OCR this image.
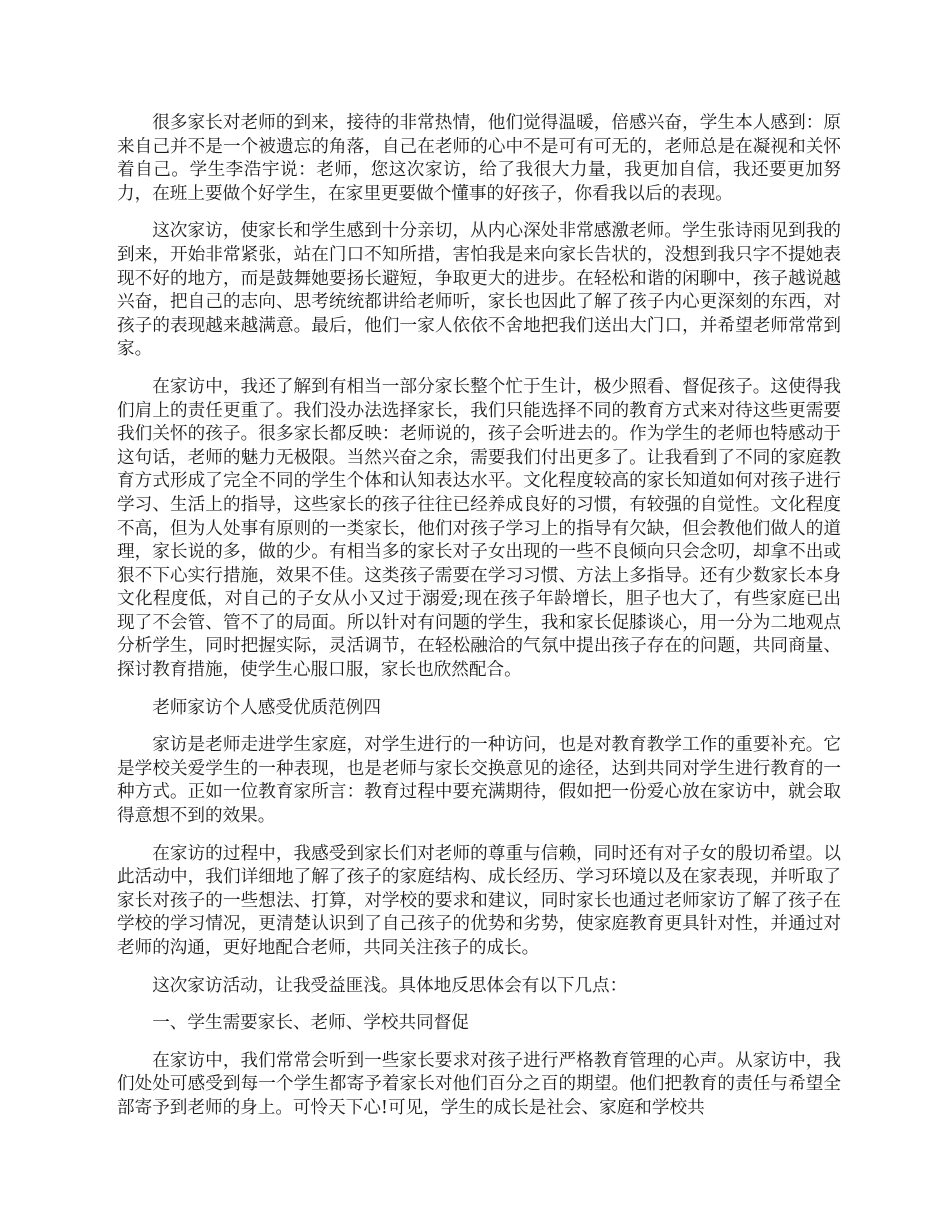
很多家长对老师的到来，接待的非常热情，他们觉得温暖，倍感兴奋，学生本人感到：原来自己并不是一个被遗忘的角落，自己在老师的心中不是可有可无的，老师总是在凝视和关怀着自己。学生李浩宇说：老师，您这次家访，给了我很大力量，我更加自信，我还要更加努力，在班上要做个好学生，在家里更要做个懂事的好孩子，你看我以后的表现。

这次家访，使家长和学生感到十分亲切，从内心深处非常感激老师。学生张诗雨见到我的到来，开始非常紧张，站在门口不知所措，害怕我是来向家长告状的，没想到我只字不提她表现不好的地方，而是鼓舞她要扬长避短，争取更大的进步。在轻松和谐的闲聊中，孩子越说越兴奋，把自己的志向、思考统统都讲给老师听，家长也因此了解了孩子内心更深刻的东西，对孩子的表现越来越满意。最后，他们一家人依依不舍地把我们送出大门口，并希望老师常常到家。

在家访中，我还了解到有相当一部分家长整个忙于生计，极少照看、督促孩子。这使得我们肩上的责任更重了。我们没办法选择家长，我们只能选择不同的教育方式来对待这些更需要我们关怀的孩子。很多家长都反映：老师说的，孩子会听进去的。作为学生的老师也特感动于这句话，老师的魅力无极限。当然兴奋之余，需要我们付出更多了。让我看到了不同的家庭教育方式形成了完全不同的学生个体和认知表达水平。文化程度较高的家长知道如何对孩子进行学习、生活上的指导，这些家长的孩子往往已经养成良好的习惯，有较强的自觉性。文化程度不高，但为人处事有原则的一类家长，他们对孩子学习上的指导有欠缺，但会教他们做人的道理，家长说的多，做的少。有相当多的家长对子女出现的一些不良倾向只会念叨，却拿不出或狠不下心实行措施，效果不佳。这类孩子需要在学习习惯、方法上多指导。还有少数家长本身文化程度低，对自己的子女从小又过于溺爱;现在孩子年龄增长，胆子也大了，有些家庭已出现了不会管、管不了的局面。所以针对有问题的学生，我和家长促膝谈心，用一分为二地观点分析学生，同时把握实际，灵活调节，在轻松融洽的气氛中提出孩子存在的问题，共同商量、探讨教育措施，使学生心服口服，家长也欣然配合。

老师家访个人感受优质范例四

家访是老师走进学生家庭，对学生进行的一种访问，也是对教育教学工作的重要补充。它是学校关爱学生的一种表现，也是老师与家长交换意见的途径，达到共同对学生进行教育的一种方式。正如一位教育家所言：教育过程中要充满期待，假如把一份爱心放在家访中，就会取得意想不到的效果。

在家访的过程中，我感受到家长们对老师的尊重与信赖，同时还有对子女的殷切希望。以此活动中，我们详细地了解了孩子的家庭结构、成长经历、学习环境以及在家表现，并听取了家长对孩子的一些想法、打算，对学校的要求和建议，同时家长也通过老师家访了解了孩子在学校的学习情况，更清楚认识到了自己孩子的优势和劣势，使家庭教育更具针对性，并通过对老师的沟通，更好地配合老师，共同关注孩子的成长。

这次家访活动，让我受益匪浅。具体地反思体会有以下几点：

一、学生需要家长、老师、学校共同督促

在家访中，我们常常会听到一些家长要求对孩子进行严格教育管理的心声。从家访中，我们处处可感受到每一个学生都寄予着家长对他们百分之百的期望。他们把教育的责任与希望全部寄予到老师的身上。可怜天下心!可见，学生的成长是社会、家庭和学校共
